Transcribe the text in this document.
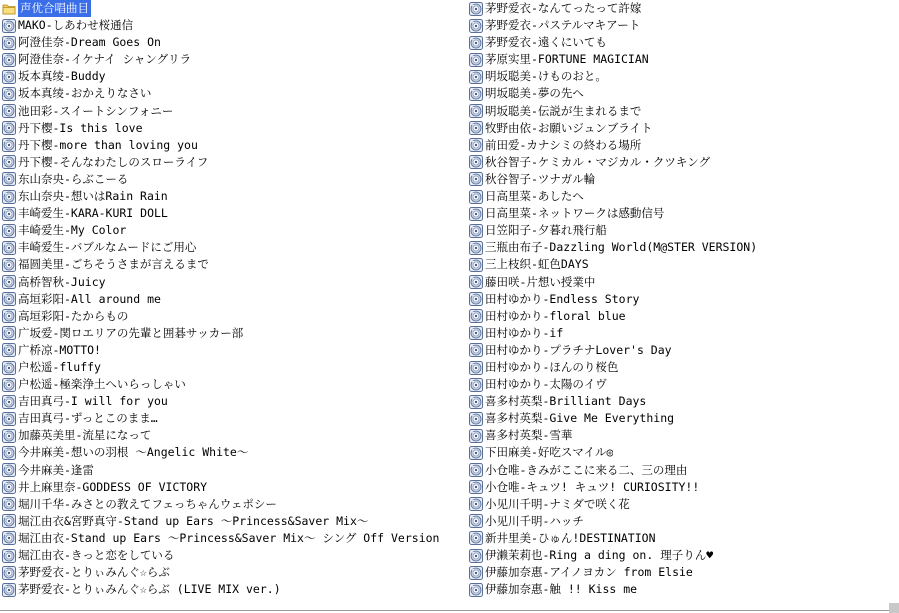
声优合唱曲目
MAKO-しあわせ桜通信
阿澄佳奈-Dream Goes On
阿澄佳奈-イケナイ シャングリラ
坂本真绫-Buddy
坂本真绫-おかえりなさい
池田彩-スイートシンフォニー
丹下樱-Is this love
丹下樱-more than loving you
丹下樱-そんなわたしのスローライフ
东山奈央-らぶこーる
东山奈央-想いはRain Rain
丰崎爱生-KARA-KURI DOLL
丰崎爱生-My Color
丰崎爱生-バブルなムードにご用心
福圆美里-ごちそうさまが言えるまで
高桥智秋-Juicy
高垣彩阳-All around me
高垣彩阳-たからもの
广坂爱-関ロエリアの先輩と囲碁サッカー部
广桥凉-MOTTO!
户松遥-fluffy
户松遥-極楽浄土へいらっしゃい
吉田真弓-I will for you
吉田真弓-ずっとこのまま…
加藤英美里-流星になって
今井麻美-想いの羽根 ～Angelic White～
今井麻美-逢雷
井上麻里奈-GODDESS OF VICTORY
堀川千华-みさとの教えてフェっちゃんウェポシー
堀江由衣&宮野真守-Stand up Ears ～Princess&Saver Mix～
堀江由衣-Stand up Ears ～Princess&Saver Mix～ シング Off Version
堀江由衣-きっと恋をしている
茅野爱衣-とりぃみんぐ☆らぶ
茅野爱衣-とりぃみんぐ☆らぶ (LIVE MIX ver.)
茅野爱衣-なんてったって許嫁
茅野爱衣-パステルマキアート
茅野爱衣-遠くにいても
茅原实里-FORTUNE MAGICIAN
明坂聪美-けものおと。
明坂聪美-夢の先へ
明坂聪美-伝説が生まれるまで
牧野由依-お願いジュンブライト
前田爱-カナシミの終わる場所
秋谷智子-ケミカル・マジカル・クツキング
秋谷智子-ツナガル輪
日高里菜-あしたへ
日高里菜-ネットワークは感動信号
日笠阳子-夕暮れ飛行船
三瓶由布子-Dazzling World(M@STER VERSION)
三上枝织-虹色DAYS
藤田咲-片想い授業中
田村ゆかり-Endless Story
田村ゆかり-floral blue
田村ゆかり-if
田村ゆかり-プラチナLover's Day
田村ゆかり-ほんのり桜色
田村ゆかり-太陽のイヴ
喜多村英梨-Brilliant Days
喜多村英梨-Give Me Everything
喜多村英梨-雪華
下田麻美-好吃スマイル◎
小仓唯-きみがここに来る二、三の理由
小仓唯-キュツ! キュツ! CURIOSITY!!
小见川千明-ナミダで咲く花
小见川千明-ハッチ
新井里美-ひゅん!DESTINATION
伊濑茉莉也-Ring a ding on. 理子りん♥
伊藤加奈惠-アイノヨカン from Elsie
伊藤加奈惠-触 !! Kiss me
